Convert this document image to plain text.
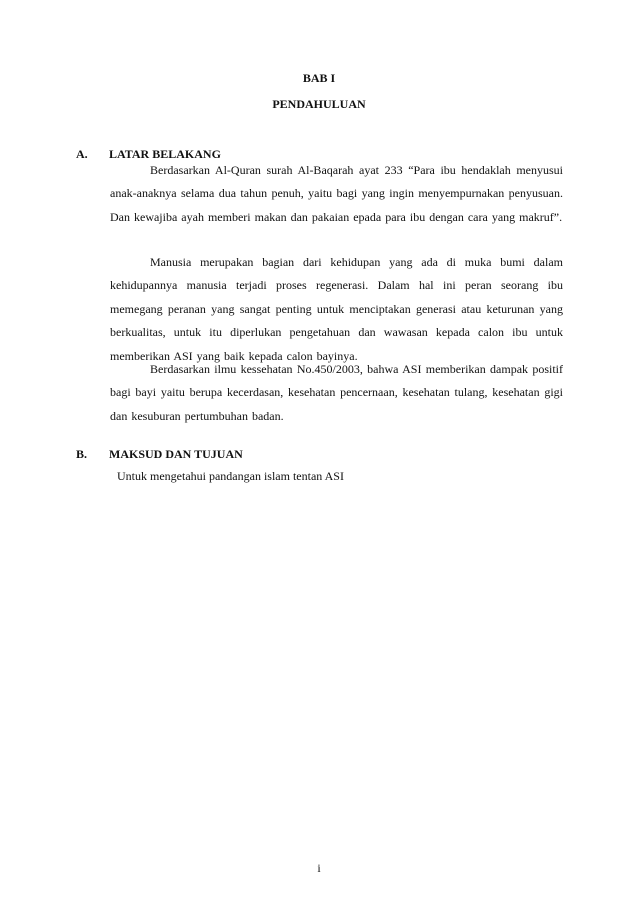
BAB I
PENDAHULUAN
A. LATAR BELAKANG

Berdasarkan Al-Quran surah Al-Baqarah ayat 233 “Para ibu hendaklah menyusui anak-anaknya selama dua tahun penuh, yaitu bagi yang ingin menyempurnakan penyusuan. Dan kewajiba ayah memberi makan dan pakaian epada para ibu dengan cara yang makruf”.

Manusia merupakan bagian dari kehidupan yang ada di muka bumi dalam kehidupannya manusia terjadi proses regenerasi. Dalam hal ini peran seorang ibu memegang peranan yang sangat penting untuk menciptakan generasi atau keturunan yang berkualitas, untuk itu diperlukan pengetahuan dan wawasan kepada calon ibu untuk memberikan ASI yang baik kepada calon bayinya.

Berdasarkan ilmu kessehatan No.450/2003, bahwa ASI memberikan dampak positif bagi bayi yaitu berupa kecerdasan, kesehatan pencernaan, kesehatan tulang, kesehatan gigi dan kesuburan pertumbuhan badan.

B. MAKSUD DAN TUJUAN
Untuk mengetahui pandangan islam tentan ASI
i
